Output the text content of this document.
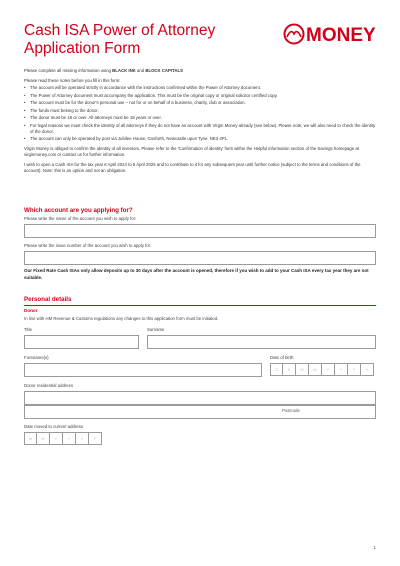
Cash ISA Power of Attorney
Application Form
MONEY

Please complete all missing information using BLACK INK and BLOCK CAPITALS

Please read these notes before you fill in this form:

• The account will be operated strictly in accordance with the instructions confirmed within the Power of Attorney document.
• The Power of Attorney document must accompany the application. This must be the original copy or original solicitor certified copy.
• The account must be for the donor's personal use – not for or on behalf of a business, charity, club or association.
• The funds must belong to the donor.
• The donor must be 18 or over. All attorneys must be 18 years or over.
• For legal reasons we must check the identity of all attorneys if they do not have an account with Virgin Money already (see below). Please note, we will also need to check the identity of the donor.
• The account can only be operated by post via Jubilee House, Gosforth, Newcastle upon Tyne, NE3 4PL.

Virgin Money is obliged to confirm the identity of all investors. Please refer to the 'Confirmation of identity' form within the Helpful information section of the Savings homepage at virginmoney.com or contact us for further information.

I wish to open a Cash ISA for the tax year 6 April 2024 to 5 April 2025 and to contribute to it for any subsequent year until further notice (subject to the terms and conditions of the account). Note: this is an option and not an obligation.

Which account are you applying for?
Please write the name of the account you wish to apply for:
Please write the issue number of the account you wish to apply for:
Our Fixed Rate Cash ISAs only allow deposits up to 30 days after the account is opened, therefore if you wish to add to your Cash ISA every tax year they are not suitable.
Personal details
Donor
In line with HM Revenue & Customs regulations any changes to this application form must be initialed.
Title	Surname
Forename(s)	Date of birth
D	D	M	M	Y	Y	Y	Y
Donor residential address
Postcode
Date moved to current address
M	M	Y	Y	Y	Y
1
